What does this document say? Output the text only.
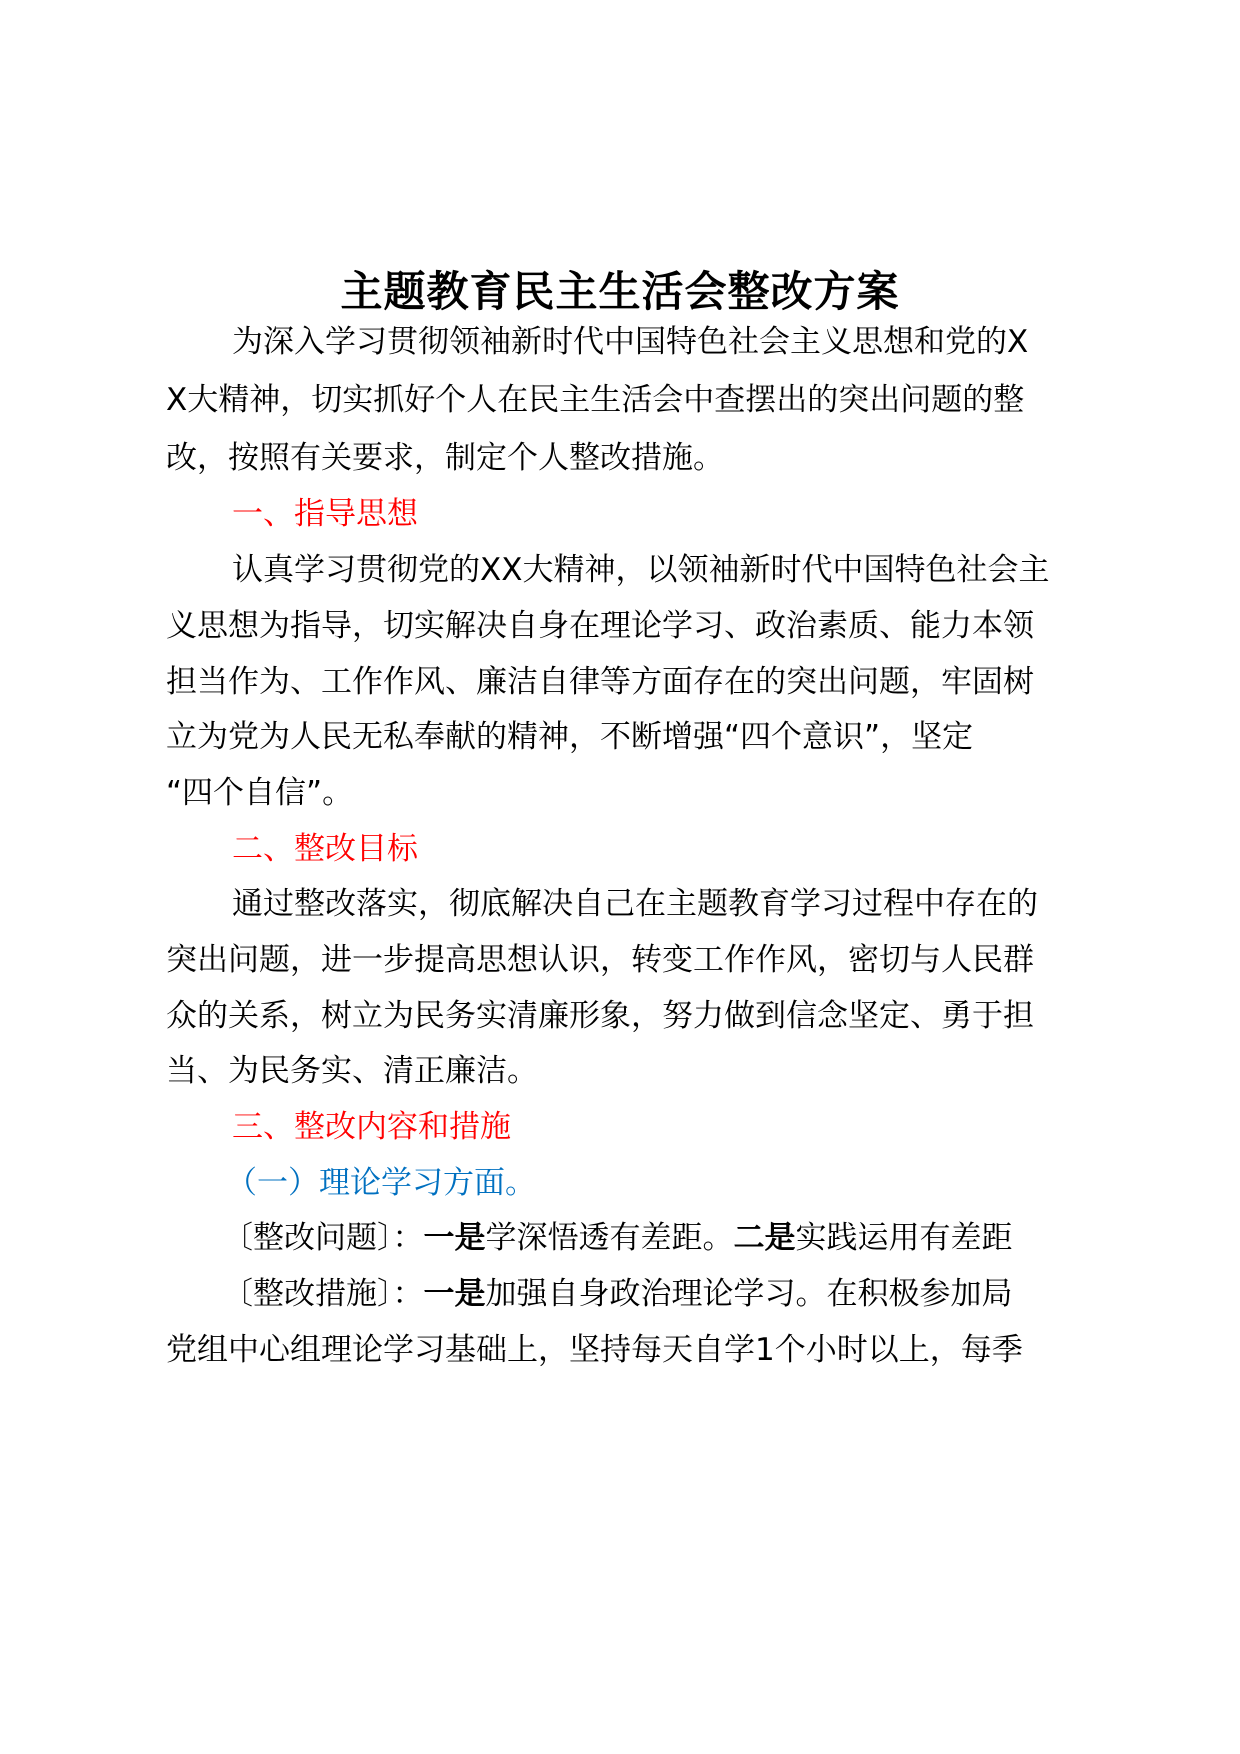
主题教育民主生活会整改方案
为深入学习贯彻领袖新时代中国特色社会主义思想和党的X
X大精神，切实抓好个人在民主生活会中查摆出的突出问题的整
改，按照有关要求，制定个人整改措施。
一、指导思想
认真学习贯彻党的XX大精神，以领袖新时代中国特色社会主
义思想为指导，切实解决自身在理论学习、政治素质、能力本领
担当作为、工作作风、廉洁自律等方面存在的突出问题，牢固树
立为党为人民无私奉献的精神，不断增强“四个意识”，坚定
“四个自信”。
二、整改目标
通过整改落实，彻底解决自己在主题教育学习过程中存在的
突出问题，进一步提高思想认识，转变工作作风，密切与人民群
众的关系，树立为民务实清廉形象，努力做到信念坚定、勇于担
当、为民务实、清正廉洁。
三、整改内容和措施
（一）理论学习方面。
〔整改问题〕：一是学深悟透有差距。二是实践运用有差距
〔整改措施〕：一是加强自身政治理论学习。在积极参加局
党组中心组理论学习基础上，坚持每天自学1个小时以上，每季
